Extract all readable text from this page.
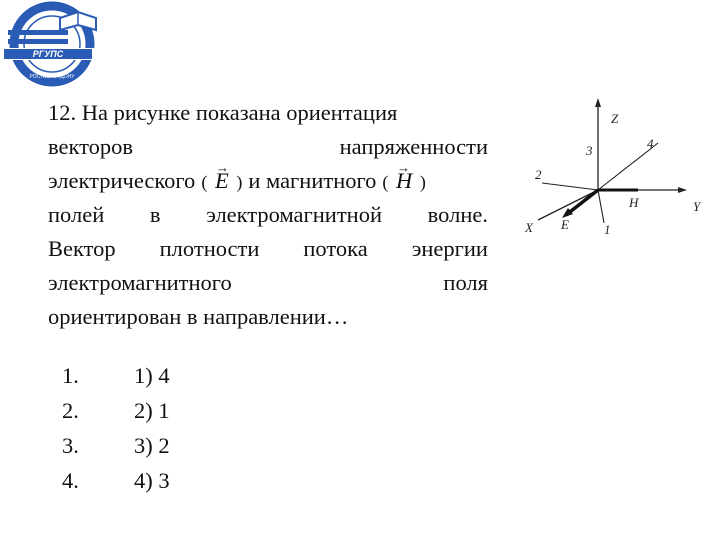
РГУПС
РОСТОВ-НА-ДОНУ
12. На рисунке показана ориентация
векторов	напряженности
электрического ( → E ) и магнитного ( → H )
полей в электромагнитной волне.
Вектор плотности потока энергии
электромагнитного	поля
ориентирован в направлении…
1.	1) 4
2.	2) 1
3.	3) 2
4.	4) 3
Z
Y
X E
H
1
2
3	4
